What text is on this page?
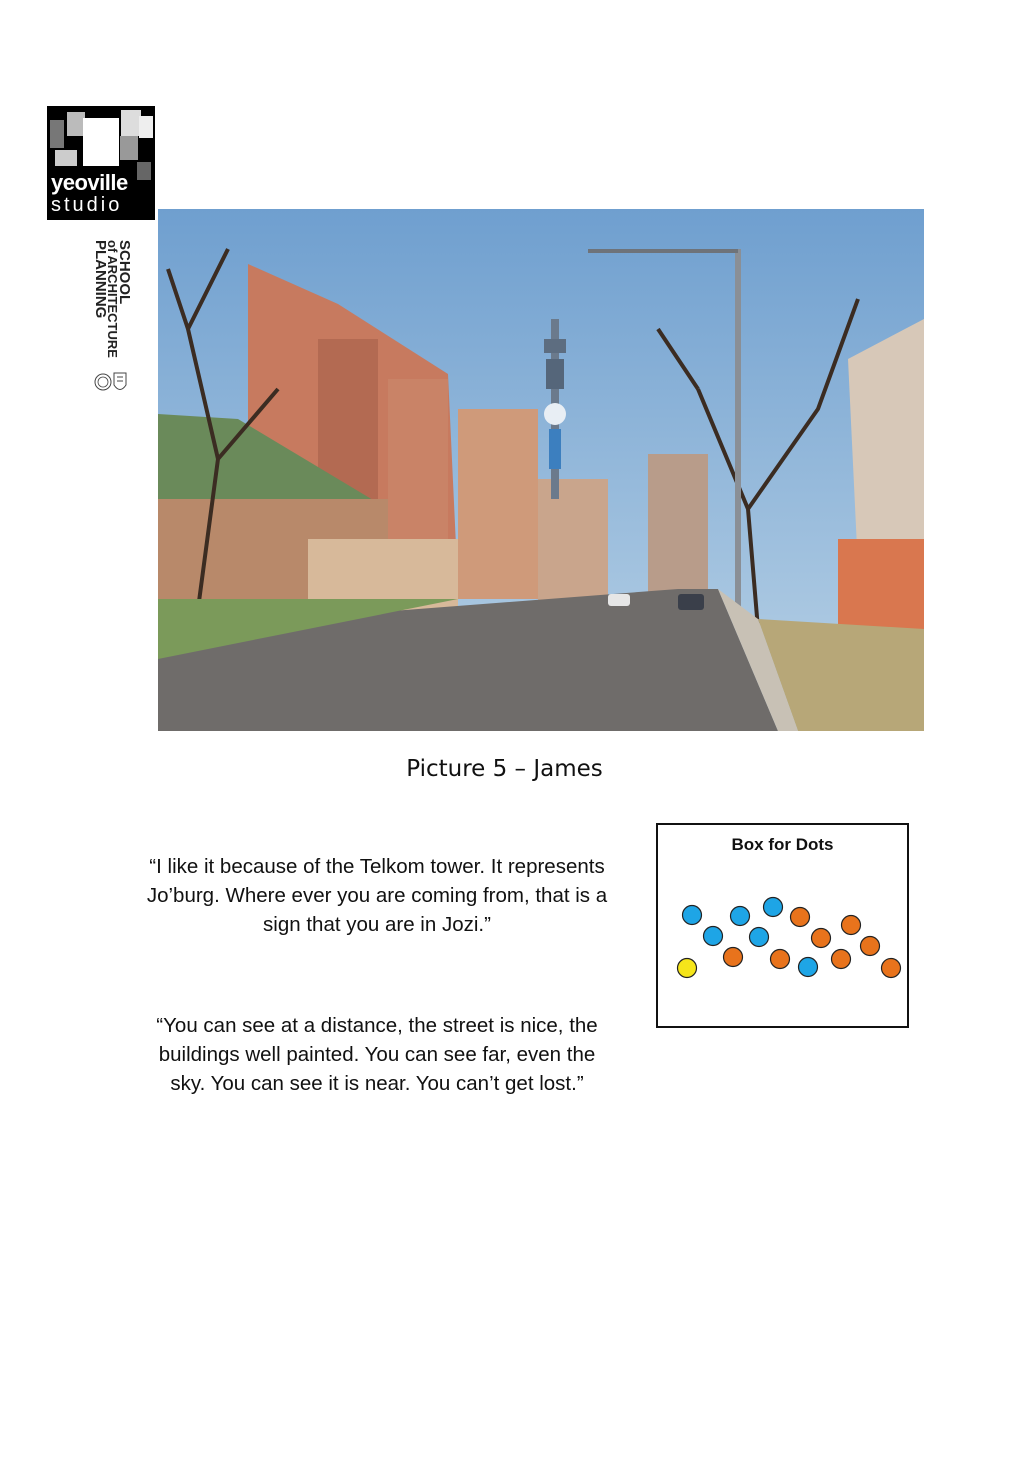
yeoville
studio
SCHOOL
of ARCHITECTURE
PLANNING
Picture 5 – James
“I like it because of the Telkom tower. It represents Jo’burg. Where ever you are coming from, that is a sign that you are in Jozi.”
“You can see at a distance, the street is nice, the buildings well painted. You can see far, even the sky. You can see it is near. You can’t get lost.”
Box for Dots
